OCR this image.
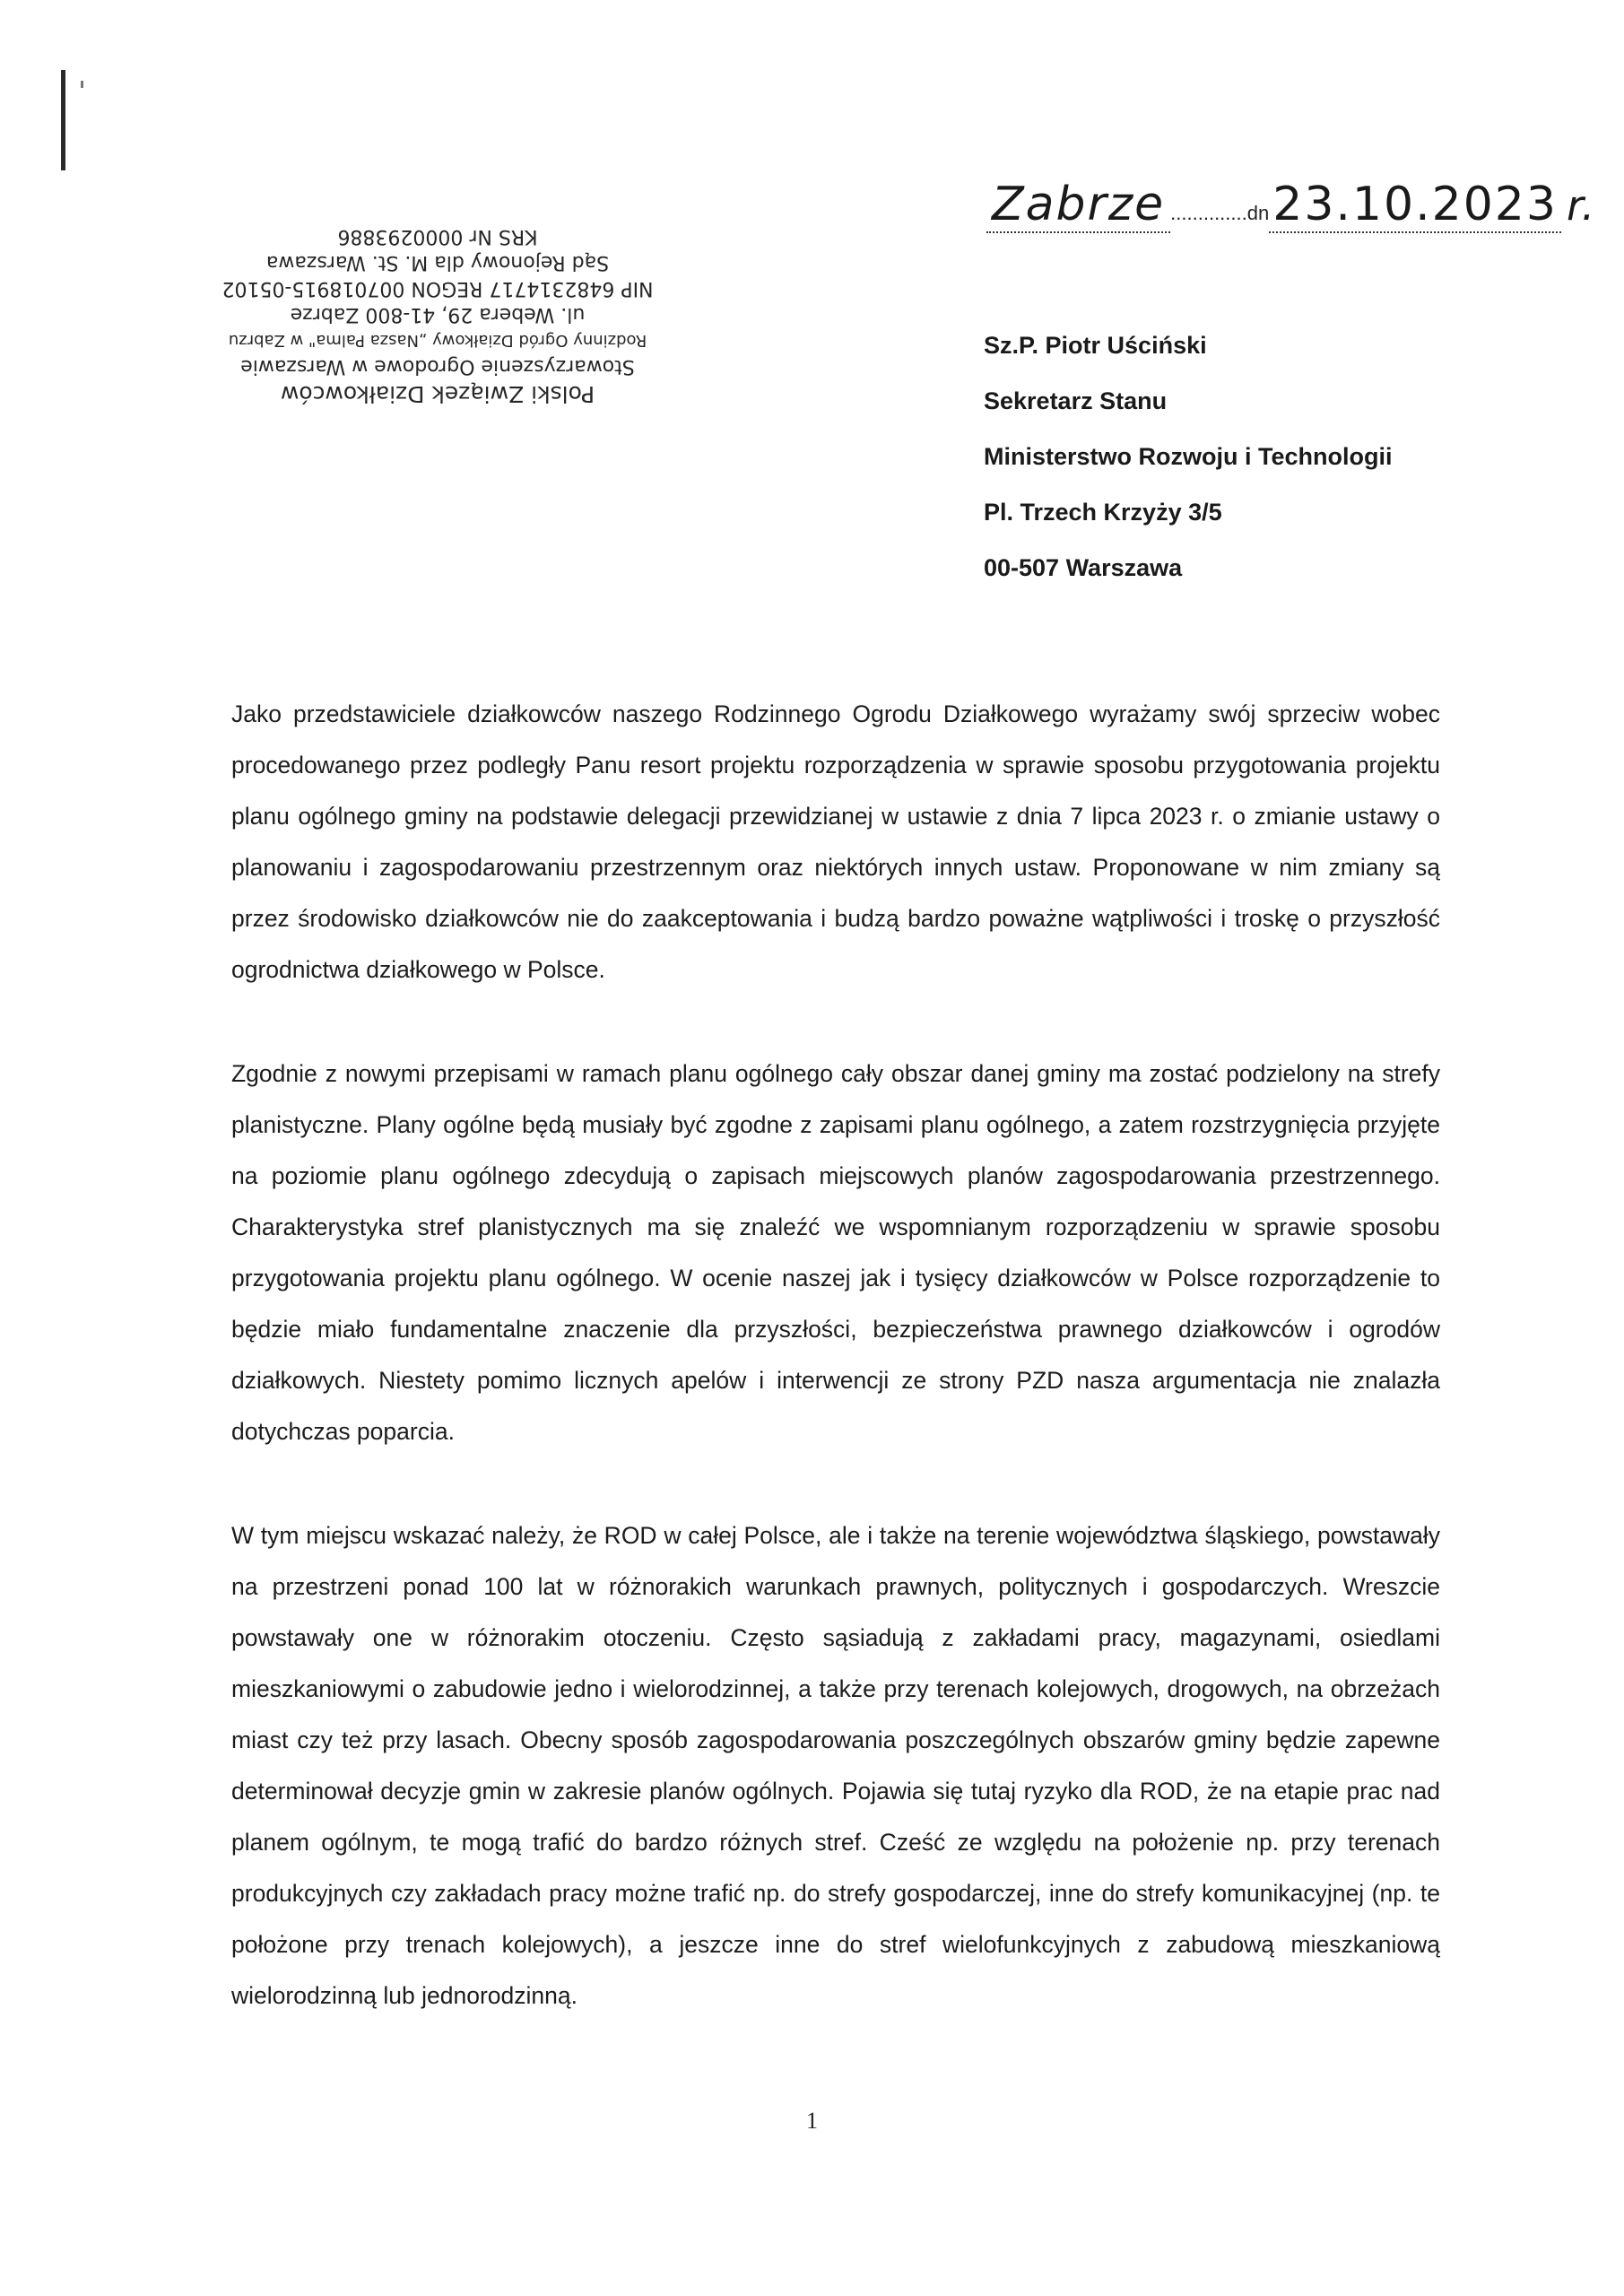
Polski Związek Działkowców
Stowarzyszenie Ogrodowe w Warszawie
Rodzinny Ogród Działkowy „Nasza Palma" w Zabrzu
ul. Webera 29, 41-800 Zabrze
NIP 6482314717 REGON 007018915-05102
Sąd Rejonowy dla M. St. Warszawa
KRS Nr 0000293886
Zabrze ..............dn23.10.2023 r.
Sz.P. Piotr Uściński
Sekretarz Stanu
Ministerstwo Rozwoju i Technologii
Pl. Trzech Krzyży 3/5
00-507 Warszawa

Jako przedstawiciele działkowców naszego Rodzinnego Ogrodu Działkowego wyrażamy swój sprzeciw wobec procedowanego przez podległy Panu resort projektu rozporządzenia w sprawie sposobu przygotowania projektu planu ogólnego gminy na podstawie delegacji przewidzianej w ustawie z dnia 7 lipca 2023 r. o zmianie ustawy o planowaniu i zagospodarowaniu przestrzennym oraz niektórych innych ustaw. Proponowane w nim zmiany są przez środowisko działkowców nie do zaakceptowania i budzą bardzo poważne wątpliwości i troskę o przyszłość ogrodnictwa działkowego w Polsce.

Zgodnie z nowymi przepisami w ramach planu ogólnego cały obszar danej gminy ma zostać podzielony na strefy planistyczne. Plany ogólne będą musiały być zgodne z zapisami planu ogólnego, a zatem rozstrzygnięcia przyjęte na poziomie planu ogólnego zdecydują o zapisach miejscowych planów zagospodarowania przestrzennego. Charakterystyka stref planistycznych ma się znaleźć we wspomnianym rozporządzeniu w sprawie sposobu przygotowania projektu planu ogólnego. W ocenie naszej jak i tysięcy działkowców w Polsce rozporządzenie to będzie miało fundamentalne znaczenie dla przyszłości, bezpieczeństwa prawnego działkowców i ogrodów działkowych. Niestety pomimo licznych apelów i interwencji ze strony PZD nasza argumentacja nie znalazła dotychczas poparcia.

W tym miejscu wskazać należy, że ROD w całej Polsce, ale i także na terenie województwa śląskiego, powstawały na przestrzeni ponad 100 lat w różnorakich warunkach prawnych, politycznych i gospodarczych. Wreszcie powstawały one w różnorakim otoczeniu. Często sąsiadują z zakładami pracy, magazynami, osiedlami mieszkaniowymi o zabudowie jedno i wielorodzinnej, a także przy terenach kolejowych, drogowych, na obrzeżach miast czy też przy lasach. Obecny sposób zagospodarowania poszczególnych obszarów gminy będzie zapewne determinował decyzje gmin w zakresie planów ogólnych. Pojawia się tutaj ryzyko dla ROD, że na etapie prac nad planem ogólnym, te mogą trafić do bardzo różnych stref. Cześć ze względu na położenie np. przy terenach produkcyjnych czy zakładach pracy możne trafić np. do strefy gospodarczej, inne do strefy komunikacyjnej (np. te położone przy trenach kolejowych), a jeszcze inne do stref wielofunkcyjnych z zabudową mieszkaniową wielorodzinną lub jednorodzinną.

1
